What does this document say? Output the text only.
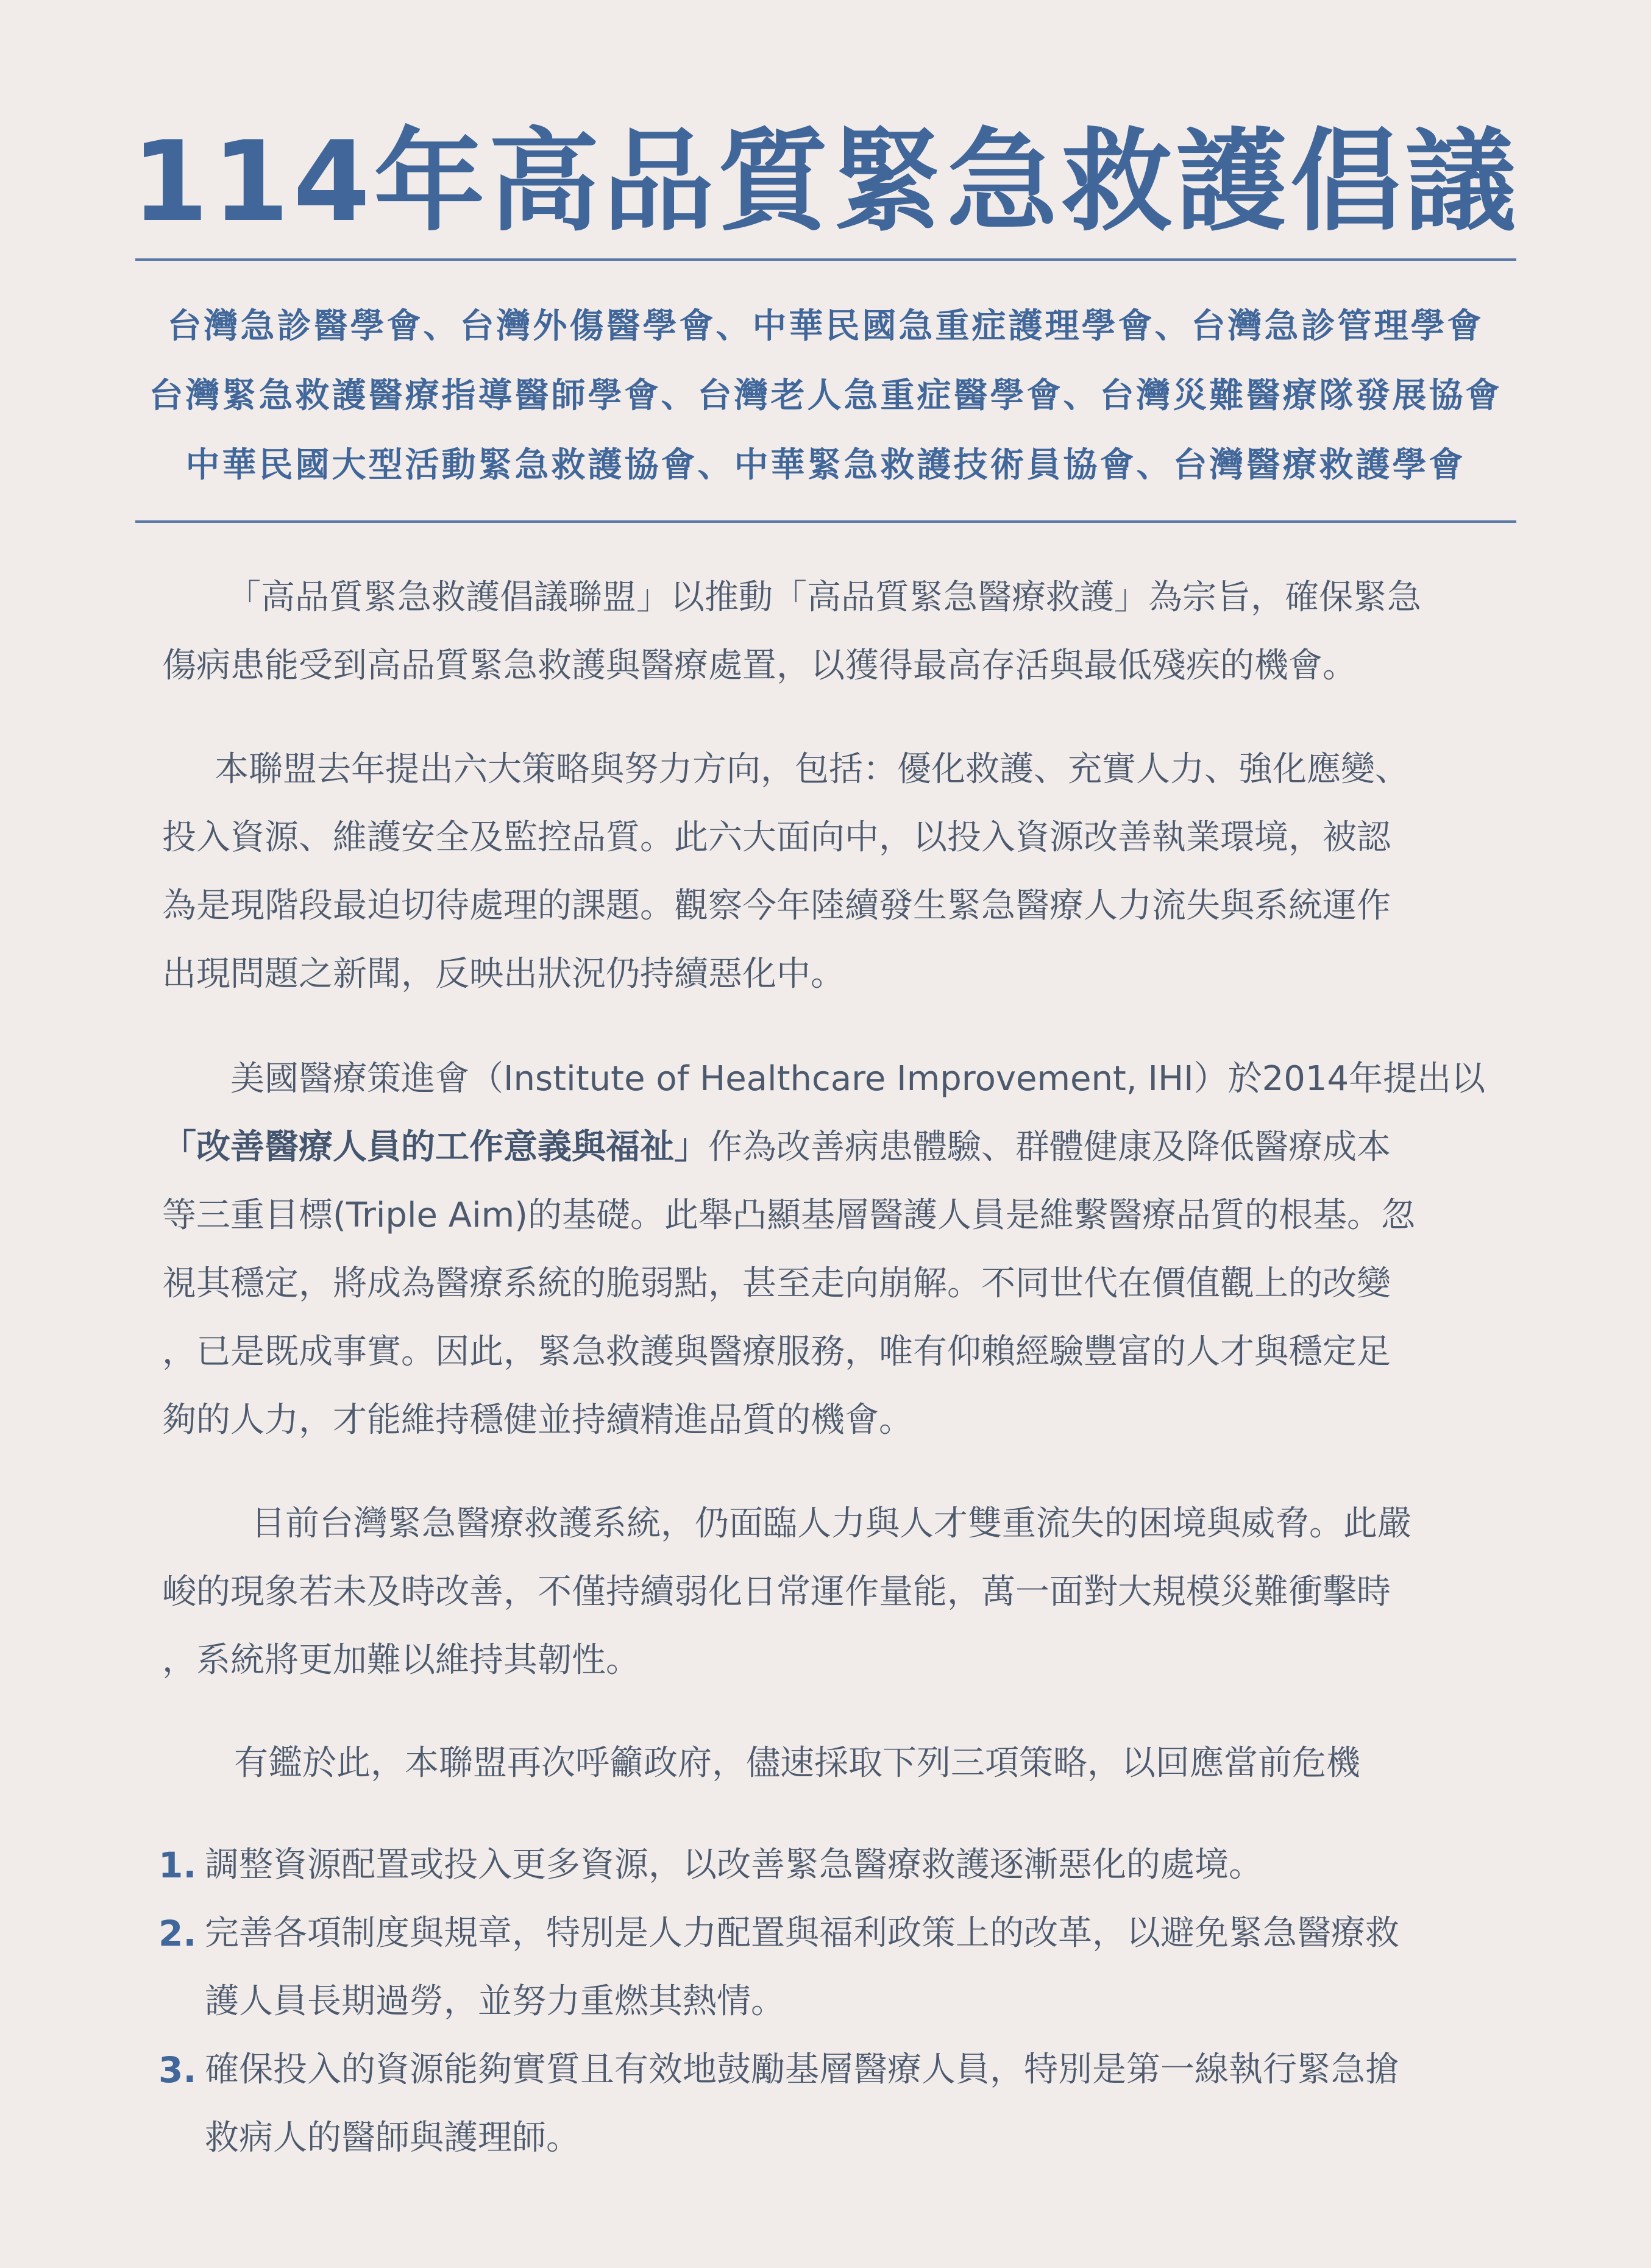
114年高品質緊急救護倡議
台灣急診醫學會、台灣外傷醫學會、中華民國急重症護理學會、台灣急診管理學會
台灣緊急救護醫療指導醫師學會、台灣老人急重症醫學會、台灣災難醫療隊發展協會
中華民國大型活動緊急救護協會、中華緊急救護技術員協會、台灣醫療救護學會
「高品質緊急救護倡議聯盟」以推動「高品質緊急醫療救護」為宗旨，確保緊急
傷病患能受到高品質緊急救護與醫療處置，以獲得最高存活與最低殘疾的機會。
本聯盟去年提出六大策略與努力方向，包括：優化救護、充實人力、強化應變、
投入資源、維護安全及監控品質。此六大面向中，以投入資源改善執業環境，被認
為是現階段最迫切待處理的課題。觀察今年陸續發生緊急醫療人力流失與系統運作
出現問題之新聞，反映出狀況仍持續惡化中。
美國醫療策進會（Institute of Healthcare Improvement, IHI）於2014年提出以
「改善醫療人員的工作意義與福祉」作為改善病患體驗、群體健康及降低醫療成本
等三重目標(Triple Aim)的基礎。此舉凸顯基層醫護人員是維繫醫療品質的根基。忽
視其穩定，將成為醫療系統的脆弱點，甚至走向崩解。不同世代在價值觀上的改變
，已是既成事實。因此，緊急救護與醫療服務，唯有仰賴經驗豐富的人才與穩定足
夠的人力，才能維持穩健並持續精進品質的機會。
目前台灣緊急醫療救護系統，仍面臨人力與人才雙重流失的困境與威脅。此嚴
峻的現象若未及時改善，不僅持續弱化日常運作量能，萬一面對大規模災難衝擊時
，系統將更加難以維持其韌性。
有鑑於此，本聯盟再次呼籲政府，儘速採取下列三項策略，以回應當前危機
1. 調整資源配置或投入更多資源，以改善緊急醫療救護逐漸惡化的處境。
2. 完善各項制度與規章，特別是人力配置與福利政策上的改革，以避免緊急醫療救
護人員長期過勞，並努力重燃其熱情。
3. 確保投入的資源能夠實質且有效地鼓勵基層醫療人員，特別是第一線執行緊急搶
救病人的醫師與護理師。
